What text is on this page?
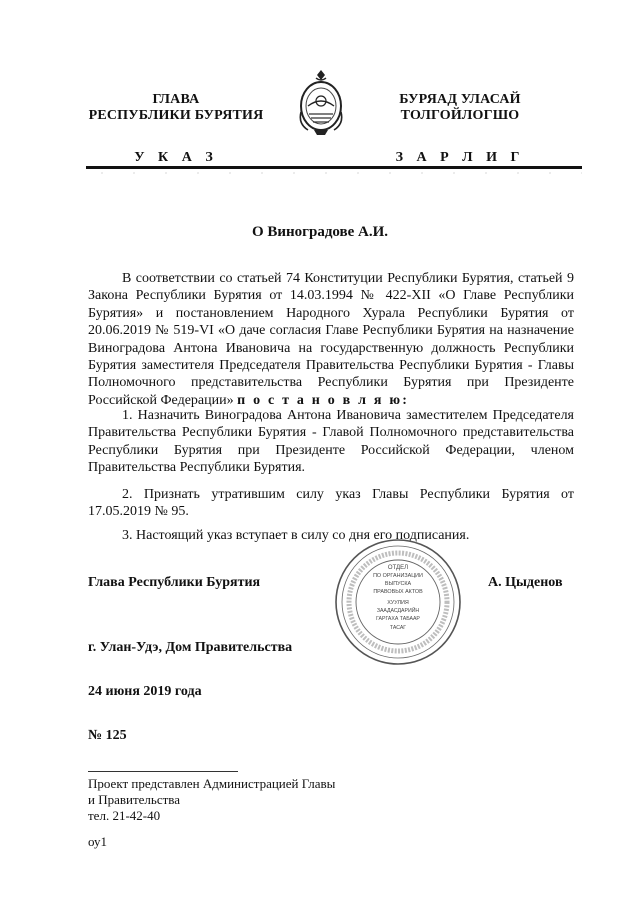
ГЛАВА
РЕСПУБЛИКИ БУРЯТИЯ
У К А З
БУРЯАД УЛАСАЙ
ТОЛГОЙЛОГШО
З А Р Л И Г
О Виноградове А.И.
В соответствии со статьей 74 Конституции Республики Бурятия, статьей 9 Закона Республики Бурятия от 14.03.1994 № 422-XII «О Главе Республики Бурятия» и постановлением Народного Хурала Республики Бурятия от 20.06.2019 № 519-VI «О даче согласия Главе Республики Бурятия на назначение Виноградова Антона Ивановича на государственную должность Республики Бурятия заместителя Председателя Правительства Республики Бурятия - Главы Полномочного представительства Республики Бурятия при Президенте Российской Федерации» п о с т а н о в л я ю:
1. Назначить Виноградова Антона Ивановича заместителем Председателя Правительства Республики Бурятия - Главой Полномочного представительства Республики Бурятия при Президенте Российской Федерации, членом Правительства Республики Бурятия.
2. Признать утратившим силу указ Главы Республики Бурятия от 17.05.2019 № 95.
3. Настоящий указ вступает в силу со дня его подписания.
Глава Республики Бурятия	А. Цыденов
ОТДЕЛ
ПО ОРГАНИЗАЦИИ
ВЫПУСКА
ПРАВОВЫХ АКТОВ
ХУУЛИЯ
ЗААДАСДАРИЙН
ГАРГАХА ТАБААР
ТАСАГ
г. Улан-Удэ, Дом Правительства
24 июня 2019 года
№ 125
Проект представлен Администрацией Главы
и Правительства
тел. 21-42-40
оу1
